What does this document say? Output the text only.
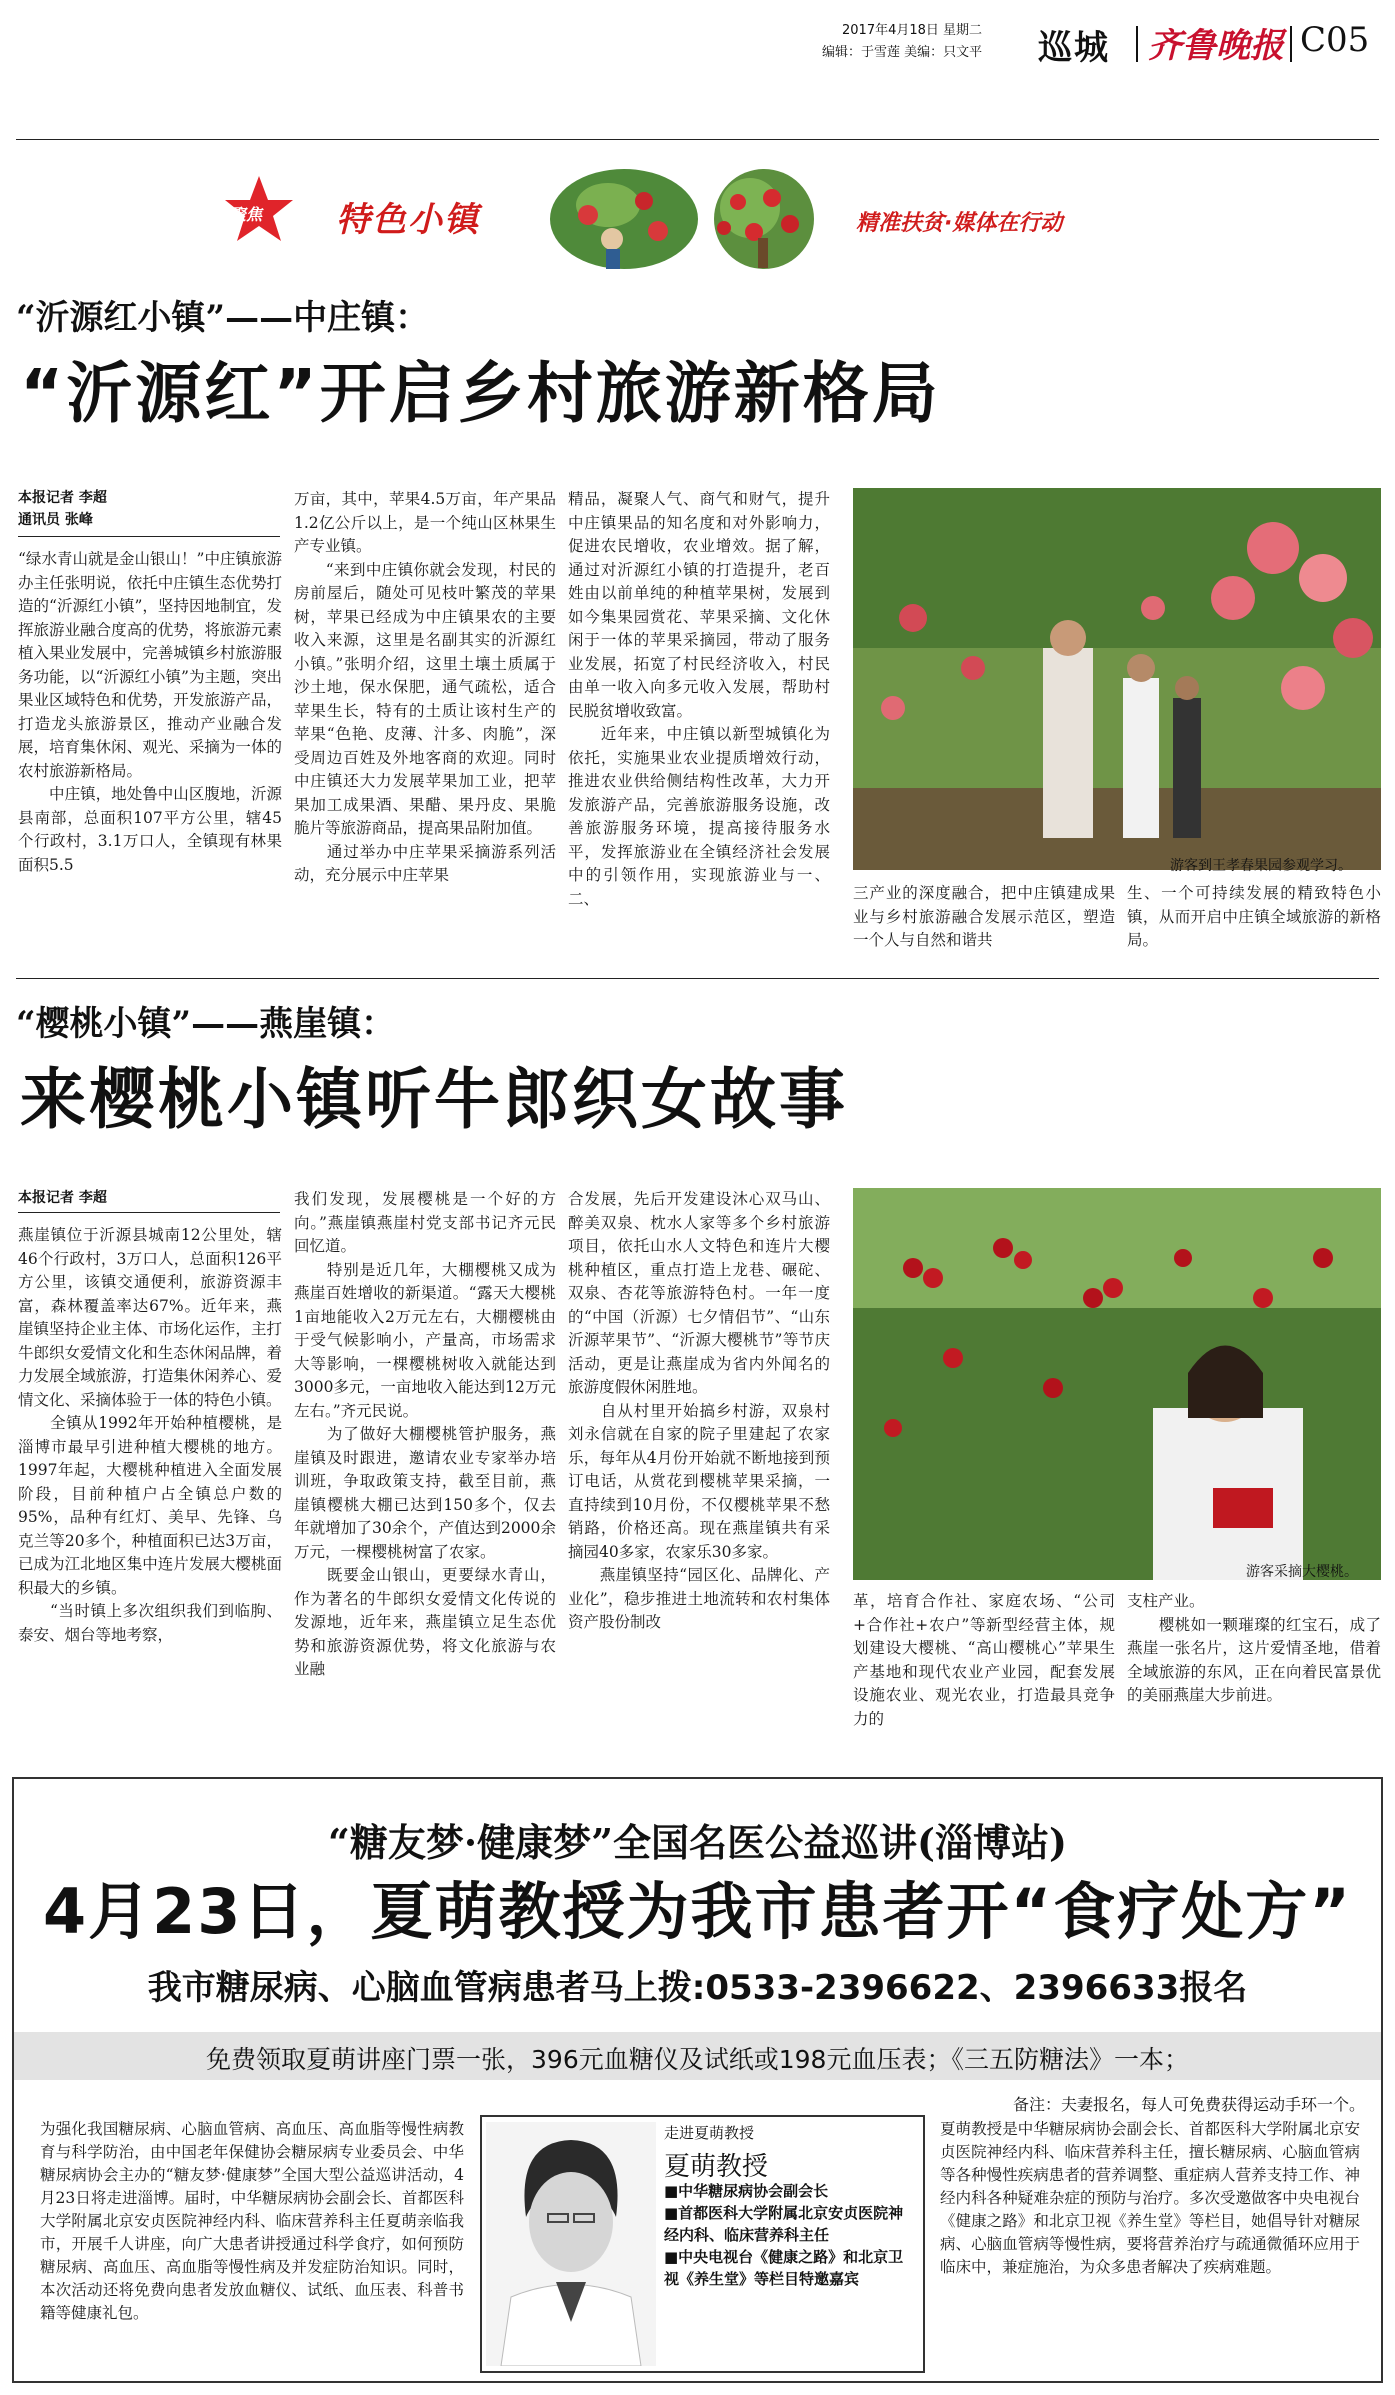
2017年4月18日 星期二
编辑：于雪莲 美编：只文平 巡城 齐鲁晚报 C05
聚焦 特色小镇	精准扶贫·媒体在行动
“沂源红小镇”——中庄镇：
“沂源红”开启乡村旅游新格局
本报记者 李超
通讯员 张峰
“绿水青山就是金山银山！”中庄镇旅游办主任张明说，依托中庄镇生态优势打造的“沂源红小镇”，坚持因地制宜，发挥旅游业融合度高的优势，将旅游元素植入果业发展中，完善城镇乡村旅游服务功能，以“沂源红小镇”为主题，突出果业区域特色和优势，开发旅游产品，打造龙头旅游景区，推动产业融合发展，培育集休闲、观光、采摘为一体的农村旅游新格局。
　　中庄镇，地处鲁中山区腹地，沂源县南部，总面积107平方公里，辖45个行政村，3.1万口人，全镇现有林果面积5.5
万亩，其中，苹果4.5万亩，年产果品1.2亿公斤以上，是一个纯山区林果生产专业镇。
　　“来到中庄镇你就会发现，村民的房前屋后，随处可见枝叶繁茂的苹果树，苹果已经成为中庄镇果农的主要收入来源，这里是名副其实的沂源红小镇。”张明介绍，这里土壤土质属于沙土地，保水保肥，通气疏松，适合苹果生长，特有的土质让该村生产的苹果“色艳、皮薄、汁多、肉脆”，深受周边百姓及外地客商的欢迎。同时中庄镇还大力发展苹果加工业，把苹果加工成果酒、果醋、果丹皮、果脆脆片等旅游商品，提高果品附加值。
　　通过举办中庄苹果采摘游系列活动，充分展示中庄苹果
精品，凝聚人气、商气和财气，提升中庄镇果品的知名度和对外影响力，促进农民增收，农业增效。据了解，通过对沂源红小镇的打造提升，老百姓由以前单纯的种植苹果树，发展到如今集果园赏花、苹果采摘、文化休闲于一体的苹果采摘园，带动了服务业发展，拓宽了村民经济收入，村民由单一收入向多元收入发展，帮助村民脱贫增收致富。
　　近年来，中庄镇以新型城镇化为依托，实施果业农业提质增效行动，推进农业供给侧结构性改革，大力开发旅游产品，完善旅游服务设施，改善旅游服务环境，提高接待服务水平，发挥旅游业在全镇经济社会发展中的引领作用，实现旅游业与一、二、
游客到王孝春果园参观学习。
三产业的深度融合，把中庄镇建成果业与乡村旅游融合发展示范区，塑造一个人与自然和谐共
生、一个可持续发展的精致特色小镇，从而开启中庄镇全域旅游的新格局。
“樱桃小镇”——燕崖镇：
来樱桃小镇听牛郎织女故事
本报记者 李超
燕崖镇位于沂源县城南12公里处，辖46个行政村，3万口人，总面积126平方公里，该镇交通便利，旅游资源丰富，森林覆盖率达67%。近年来，燕崖镇坚持企业主体、市场化运作，主打牛郎织女爱情文化和生态休闲品牌，着力发展全域旅游，打造集休闲养心、爱情文化、采摘体验于一体的特色小镇。
　　全镇从1992年开始种植樱桃，是淄博市最早引进种植大樱桃的地方。1997年起，大樱桃种植进入全面发展阶段，目前种植户占全镇总户数的95%，品种有红灯、美早、先锋、乌克兰等20多个，种植面积已达3万亩，已成为江北地区集中连片发展大樱桃面积最大的乡镇。
　　“当时镇上多次组织我们到临朐、泰安、烟台等地考察，
我们发现，发展樱桃是一个好的方向。”燕崖镇燕崖村党支部书记齐元民回忆道。
　　特别是近几年，大棚樱桃又成为燕崖百姓增收的新渠道。“露天大樱桃1亩地能收入2万元左右，大棚樱桃由于受气候影响小，产量高，市场需求大等影响，一棵樱桃树收入就能达到3000多元，一亩地收入能达到12万元左右。”齐元民说。
　　为了做好大棚樱桃管护服务，燕崖镇及时跟进，邀请农业专家举办培训班，争取政策支持，截至目前，燕崖镇樱桃大棚已达到150多个，仅去年就增加了30余个，产值达到2000余万元，一棵樱桃树富了农家。
　　既要金山银山，更要绿水青山，作为著名的牛郎织女爱情文化传说的发源地，近年来，燕崖镇立足生态优势和旅游资源优势，将文化旅游与农业融
合发展，先后开发建设沐心双马山、醉美双泉、枕水人家等多个乡村旅游项目，依托山水人文特色和连片大樱桃种植区，重点打造上龙巷、碾砣、双泉、杏花等旅游特色村。一年一度的“中国（沂源）七夕情侣节”、“山东沂源苹果节”、“沂源大樱桃节”等节庆活动，更是让燕崖成为省内外闻名的旅游度假休闲胜地。
　　自从村里开始搞乡村游，双泉村刘永信就在自家的院子里建起了农家乐，每年从4月份开始就不断地接到预订电话，从赏花到樱桃苹果采摘，一直持续到10月份，不仅樱桃苹果不愁销路，价格还高。现在燕崖镇共有采摘园40多家，农家乐30多家。
　　燕崖镇坚持“园区化、品牌化、产业化”，稳步推进土地流转和农村集体资产股份制改
游客采摘大樱桃。
革，培育合作社、家庭农场、“公司+合作社+农户”等新型经营主体，规划建设大樱桃、“高山樱桃心”苹果生产基地和现代农业产业园，配套发展设施农业、观光农业，打造最具竞争力的
支柱产业。
　　樱桃如一颗璀璨的红宝石，成了燕崖一张名片，这片爱情圣地，借着全域旅游的东风，正在向着民富景优的美丽燕崖大步前进。
“糖友梦·健康梦”全国名医公益巡讲(淄博站)
4月23日，夏萌教授为我市患者开“食疗处方”
我市糖尿病、心脑血管病患者马上拨:0533-2396622、2396633报名
免费领取夏萌讲座门票一张，396元血糖仪及试纸或198元血压表；《三五防糖法》一本；
备注：夫妻报名，每人可免费获得运动手环一个。
为强化我国糖尿病、心脑血管病、高血压、高血脂等慢性病教育与科学防治，由中国老年保健协会糖尿病专业委员会、中华糖尿病协会主办的“糖友梦·健康梦”全国大型公益巡讲活动，4月23日将走进淄博。届时，中华糖尿病协会副会长、首都医科大学附属北京安贞医院神经内科、临床营养科主任夏萌亲临我市，开展千人讲座，向广大患者讲授通过科学食疗，如何预防糖尿病、高血压、高血脂等慢性病及并发症防治知识。同时，本次活动还将免费向患者发放血糖仪、试纸、血压表、科普书籍等健康礼包。
走进夏萌教授
夏萌教授
■中华糖尿病协会副会长
■首都医科大学附属北京安贞医院神经内科、临床营养科主任
■中央电视台《健康之路》和北京卫视《养生堂》等栏目特邀嘉宾
夏萌教授是中华糖尿病协会副会长、首都医科大学附属北京安贞医院神经内科、临床营养科主任，擅长糖尿病、心脑血管病等各种慢性疾病患者的营养调整、重症病人营养支持工作、神经内科各种疑难杂症的预防与治疗。多次受邀做客中央电视台《健康之路》和北京卫视《养生堂》等栏目，她倡导针对糖尿病、心脑血管病等慢性病，要将营养治疗与疏通微循环应用于临床中，兼症施治，为众多患者解决了疾病难题。
